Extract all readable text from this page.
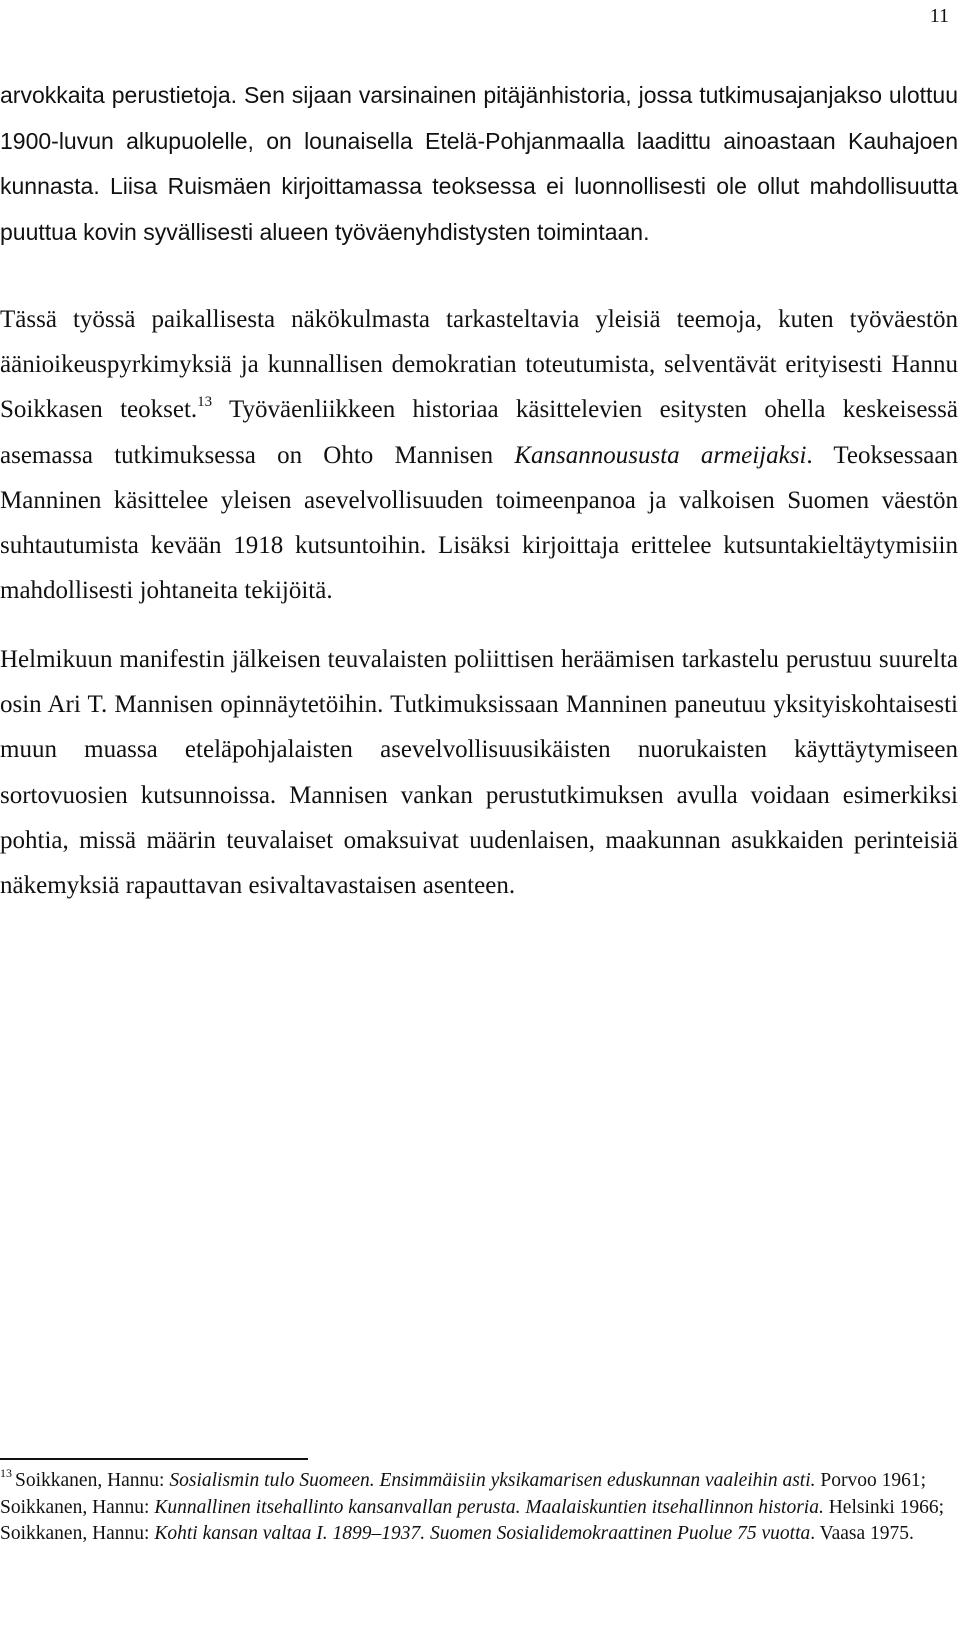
11

arvokkaita perustietoja. Sen sijaan varsinainen pitäjänhistoria, jossa tutkimusajanjakso ulottuu 1900-luvun alkupuolelle, on lounaisella Etelä-Pohjanmaalla laadittu ainoastaan Kauhajoen kunnasta. Liisa Ruismäen kirjoittamassa teoksessa ei luonnollisesti ole ollut mahdollisuutta puuttua kovin syvällisesti alueen työväenyhdistysten toimintaan.

Tässä työssä paikallisesta näkökulmasta tarkasteltavia yleisiä teemoja, kuten työväestön äänioikeuspyrkimyksiä ja kunnallisen demokratian toteutumista, selventävät erityisesti Hannu Soikkasen teokset.$^{13}$ Työväenliikkeen historiaa käsittelevien esitysten ohella keskeisessä asemassa tutkimuksessa on Ohto Mannisen Kansannoususta armeijaksi. Teoksessaan Manninen käsittelee yleisen asevelvollisuuden toimeenpanoa ja valkoisen Suomen väestön suhtautumista kevään 1918 kutsuntoihin. Lisäksi kirjoittaja erittelee kutsuntakieltäytymisiin mahdollisesti johtaneita tekijöitä.

Helmikuun manifestin jälkeisen teuvalaisten poliittisen heräämisen tarkastelu perustuu suurelta osin Ari T. Mannisen opinnäytetöihin. Tutkimuksissaan Manninen paneutuu yksityiskohtaisesti muun muassa eteläpohjalaisten asevelvollisuusikäisten nuorukaisten käyttäytymiseen sortovuosien kutsunnoissa. Mannisen vankan perustutkimuksen avulla voidaan esimerkiksi pohtia, missä määrin teuvalaiset omaksuivat uudenlaisen, maakunnan asukkaiden perinteisiä näkemyksiä rapauttavan esivaltavastaisen asenteen.

$^{13}$ Soikkanen, Hannu: Sosialismin tulo Suomeen. Ensimmäisiin yksikamarisen eduskunnan vaaleihin asti. Porvoo 1961; Soikkanen, Hannu: Kunnallinen itsehallinto kansanvallan perusta. Maalaiskuntien itsehallinnon historia. Helsinki 1966; Soikkanen, Hannu: Kohti kansan valtaa I. 1899–1937. Suomen Sosialidemokraattinen Puolue 75 vuotta. Vaasa 1975.
